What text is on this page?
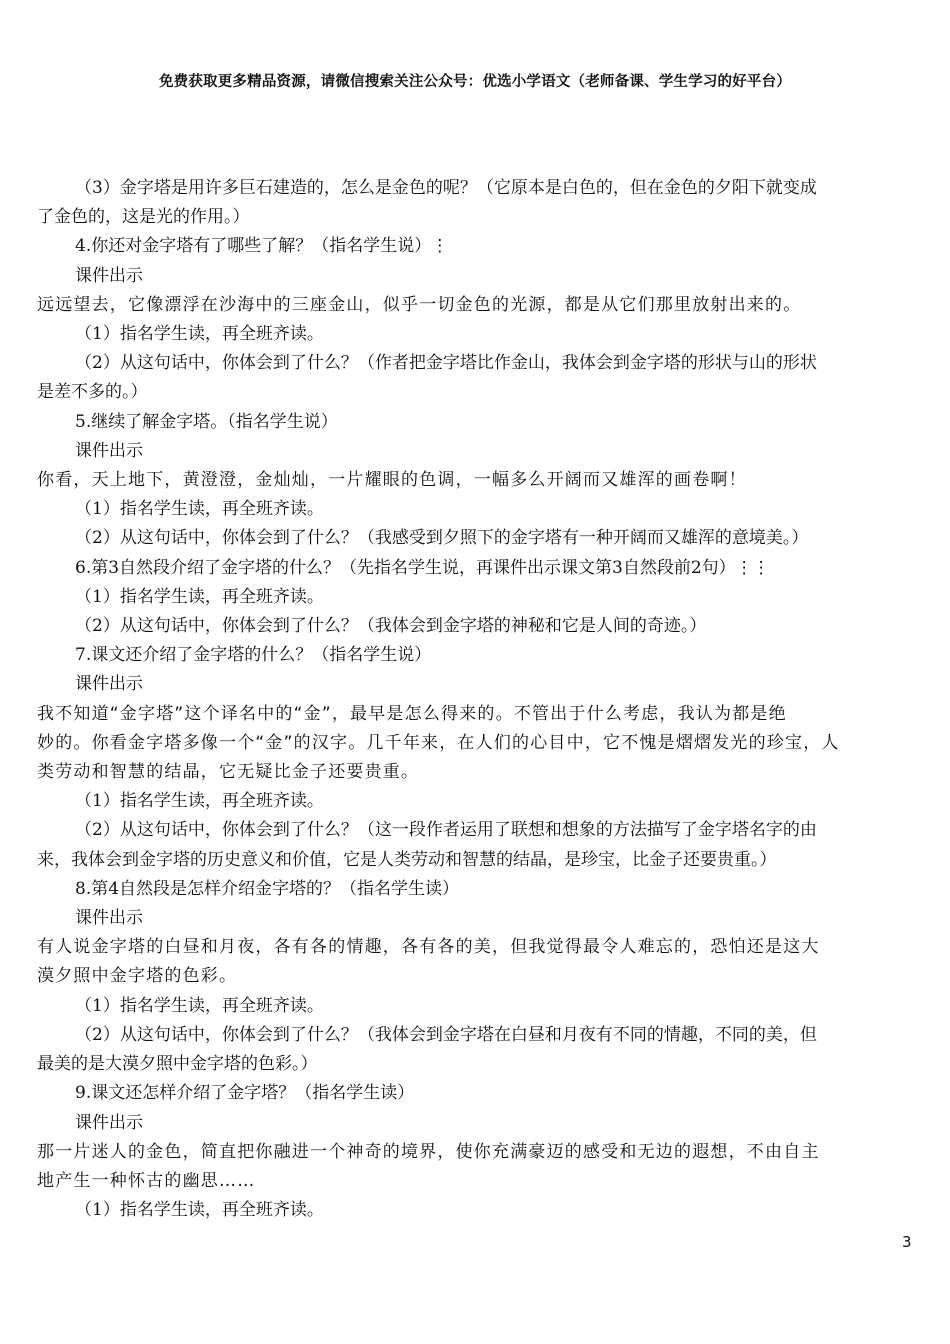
免费获取更多精品资源，请微信搜索关注公众号：优选小学语文（老师备课、学生学习的好平台）
（3）金字塔是用许多巨石建造的，怎么是金色的呢？（它原本是白色的，但在金色的夕阳下就变成
了金色的，这是光的作用。）
4.你还对金字塔有了哪些了解？（指名学生说）⋮
课件出示
远远望去，它像漂浮在沙海中的三座金山，似乎一切金色的光源，都是从它们那里放射出来的。
（1）指名学生读，再全班齐读。
（2）从这句话中，你体会到了什么？（作者把金字塔比作金山，我体会到金字塔的形状与山的形状
是差不多的。）
5.继续了解金字塔。（指名学生说）
课件出示
你看，天上地下，黄澄澄，金灿灿，一片耀眼的色调，一幅多么开阔而又雄浑的画卷啊！
（1）指名学生读，再全班齐读。
（2）从这句话中，你体会到了什么？（我感受到夕照下的金字塔有一种开阔而又雄浑的意境美。）
6.第3自然段介绍了金字塔的什么？（先指名学生说，再课件出示课文第3自然段前2句）⋮⋮
（1）指名学生读，再全班齐读。
（2）从这句话中，你体会到了什么？（我体会到金字塔的神秘和它是人间的奇迹。）
7.课文还介绍了金字塔的什么？（指名学生说）
课件出示
我不知道“金字塔”这个译名中的“金”，最早是怎么得来的。不管出于什么考虑，我认为都是绝
妙的。你看金字塔多像一个“金”的汉字。几千年来，在人们的心目中，它不愧是熠熠发光的珍宝，人
类劳动和智慧的结晶，它无疑比金子还要贵重。
（1）指名学生读，再全班齐读。
（2）从这句话中，你体会到了什么？（这一段作者运用了联想和想象的方法描写了金字塔名字的由
来，我体会到金字塔的历史意义和价值，它是人类劳动和智慧的结晶，是珍宝，比金子还要贵重。）
8.第4自然段是怎样介绍金字塔的？（指名学生读）
课件出示
有人说金字塔的白昼和月夜，各有各的情趣，各有各的美，但我觉得最令人难忘的，恐怕还是这大
漠夕照中金字塔的色彩。
（1）指名学生读，再全班齐读。
（2）从这句话中，你体会到了什么？（我体会到金字塔在白昼和月夜有不同的情趣，不同的美，但
最美的是大漠夕照中金字塔的色彩。）
9.课文还怎样介绍了金字塔？（指名学生读）
课件出示
那一片迷人的金色，简直把你融进一个神奇的境界，使你充满豪迈的感受和无边的遐想，不由自主
地产生一种怀古的幽思……
（1）指名学生读，再全班齐读。
3
